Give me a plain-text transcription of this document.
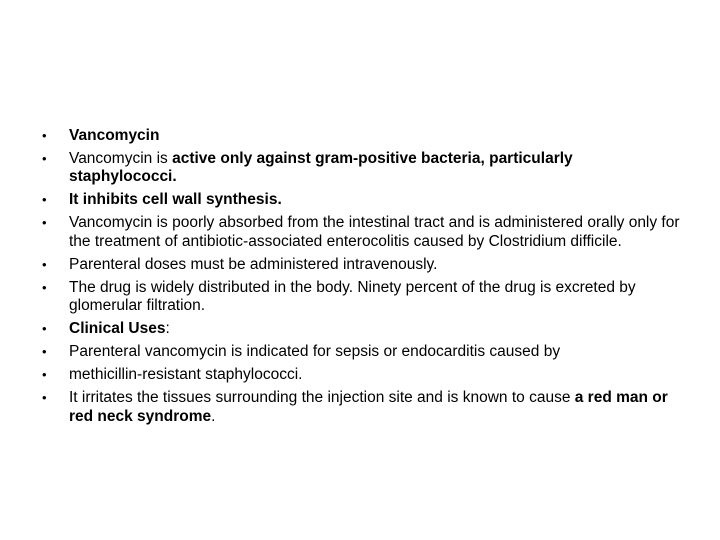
• Vancomycin
• Vancomycin is active only against gram-positive bacteria, particularly staphylococci.
• It inhibits cell wall synthesis.
• Vancomycin is poorly absorbed from the intestinal tract and is administered orally only for the treatment of antibiotic-associated enterocolitis caused by Clostridium difficile.
• Parenteral doses must be administered intravenously.
• The drug is widely distributed in the body. Ninety percent of the drug is excreted by glomerular filtration.
• Clinical Uses:
• Parenteral vancomycin is indicated for sepsis or endocarditis caused by
• methicillin-resistant staphylococci.
• It irritates the tissues surrounding the injection site and is known to cause a red man or red neck syndrome.
